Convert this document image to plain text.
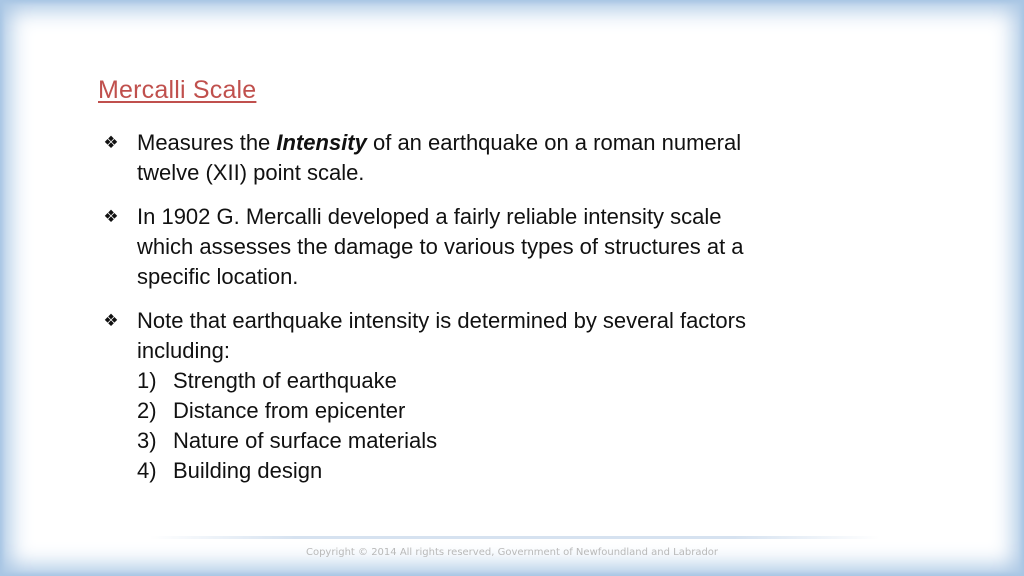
Mercalli Scale
❖ Measures the Intensity of an earthquake on a roman numeral twelve (XII) point scale.
❖ In 1902 G. Mercalli developed a fairly reliable intensity scale which assesses the damage to various types of structures at a specific location.
❖ Note that earthquake intensity is determined by several factors including:
1) Strength of earthquake
2) Distance from epicenter
3) Nature of surface materials
4) Building design
Copyright © 2014 All rights reserved, Government of Newfoundland and Labrador
